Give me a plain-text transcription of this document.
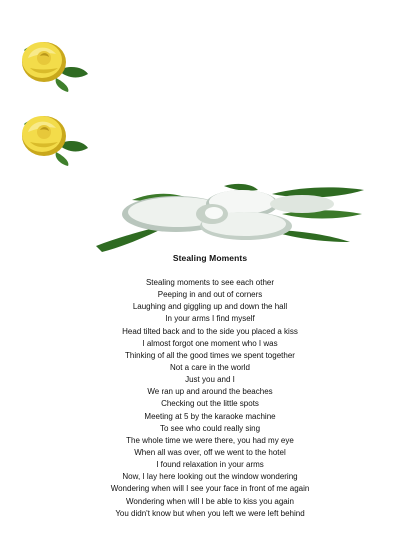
Stealing Moments
Stealing moments to see each other
Peeping in and out of corners
Laughing and giggling up and down the hall
In your arms I find myself
Head tilted back and to the side you placed a kiss
I almost forgot one moment who I was
Thinking of all the good times we spent together
Not a care in the world
Just you and I
We ran up and around the beaches
Checking out the little spots
Meeting at 5 by the karaoke machine
To see who could really sing
The whole time we were there, you had my eye
When all was over, off we went to the hotel
I found relaxation in your arms
Now, I lay here looking out the window wondering
Wondering when will I see your face in front of me again
Wondering when will I be able to kiss you again
You didn't know but when you left we were left behind
